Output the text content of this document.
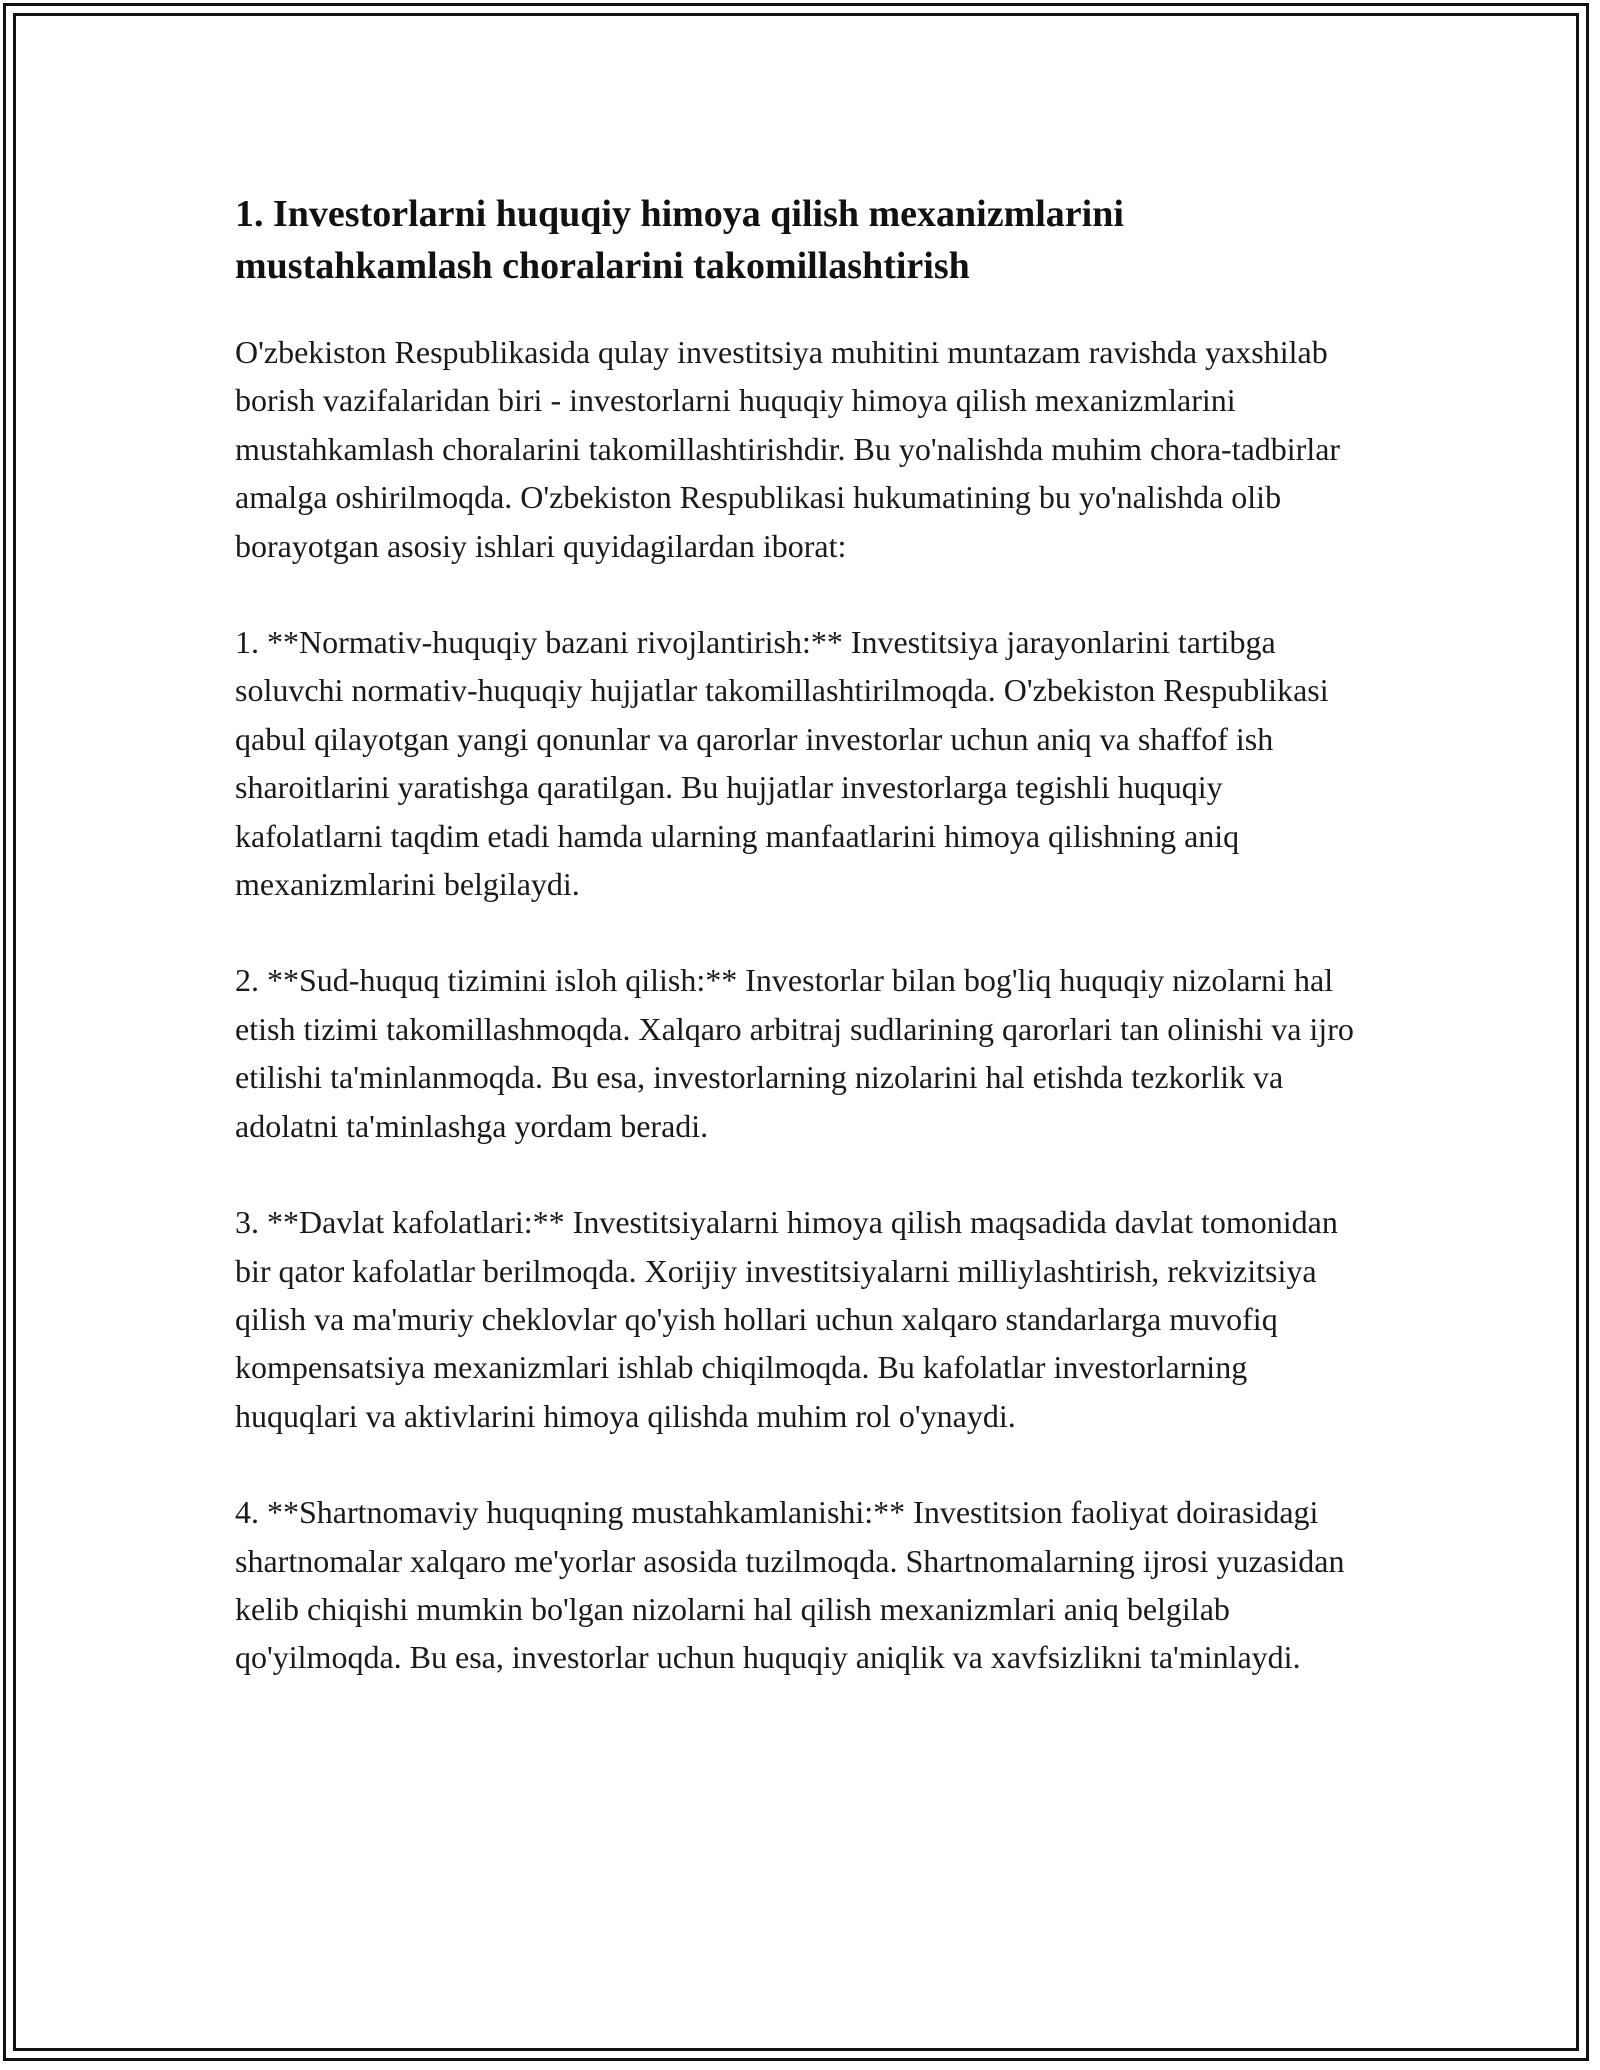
1. Investorlarni huquqiy himoya qilish mexanizmlarini mustahkamlash choralarini takomillashtirish

O'zbekiston Respublikasida qulay investitsiya muhitini muntazam ravishda yaxshilab borish vazifalaridan biri - investorlarni huquqiy himoya qilish mexanizmlarini mustahkamlash choralarini takomillashtirishdir. Bu yo'nalishda muhim chora-tadbirlar amalga oshirilmoqda. O'zbekiston Respublikasi hukumatining bu yo'nalishda olib borayotgan asosiy ishlari quyidagilardan iborat:

1. **Normativ-huquqiy bazani rivojlantirish:** Investitsiya jarayonlarini tartibga soluvchi normativ-huquqiy hujjatlar takomillashtirilmoqda. O'zbekiston Respublikasi qabul qilayotgan yangi qonunlar va qarorlar investorlar uchun aniq va shaffof ish sharoitlarini yaratishga qaratilgan. Bu hujjatlar investorlarga tegishli huquqiy kafolatlarni taqdim etadi hamda ularning manfaatlarini himoya qilishning aniq mexanizmlarini belgilaydi.

2. **Sud-huquq tizimini isloh qilish:** Investorlar bilan bog'liq huquqiy nizolarni hal etish tizimi takomillashmoqda. Xalqaro arbitraj sudlarining qarorlari tan olinishi va ijro etilishi ta'minlanmoqda. Bu esa, investorlarning nizolarini hal etishda tezkorlik va adolatni ta'minlashga yordam beradi.

3. **Davlat kafolatlari:** Investitsiyalarni himoya qilish maqsadida davlat tomonidan bir qator kafolatlar berilmoqda. Xorijiy investitsiyalarni milliylashtirish, rekvizitsiya qilish va ma'muriy cheklovlar qo'yish hollari uchun xalqaro standarlarga muvofiq kompensatsiya mexanizmlari ishlab chiqilmoqda. Bu kafolatlar investorlarning huquqlari va aktivlarini himoya qilishda muhim rol o'ynaydi.

4. **Shartnomaviy huquqning mustahkamlanishi:** Investitsion faoliyat doirasidagi shartnomalar xalqaro me'yorlar asosida tuzilmoqda. Shartnomalarning ijrosi yuzasidan kelib chiqishi mumkin bo'lgan nizolarni hal qilish mexanizmlari aniq belgilab qo'yilmoqda. Bu esa, investorlar uchun huquqiy aniqlik va xavfsizlikni ta'minlaydi.
